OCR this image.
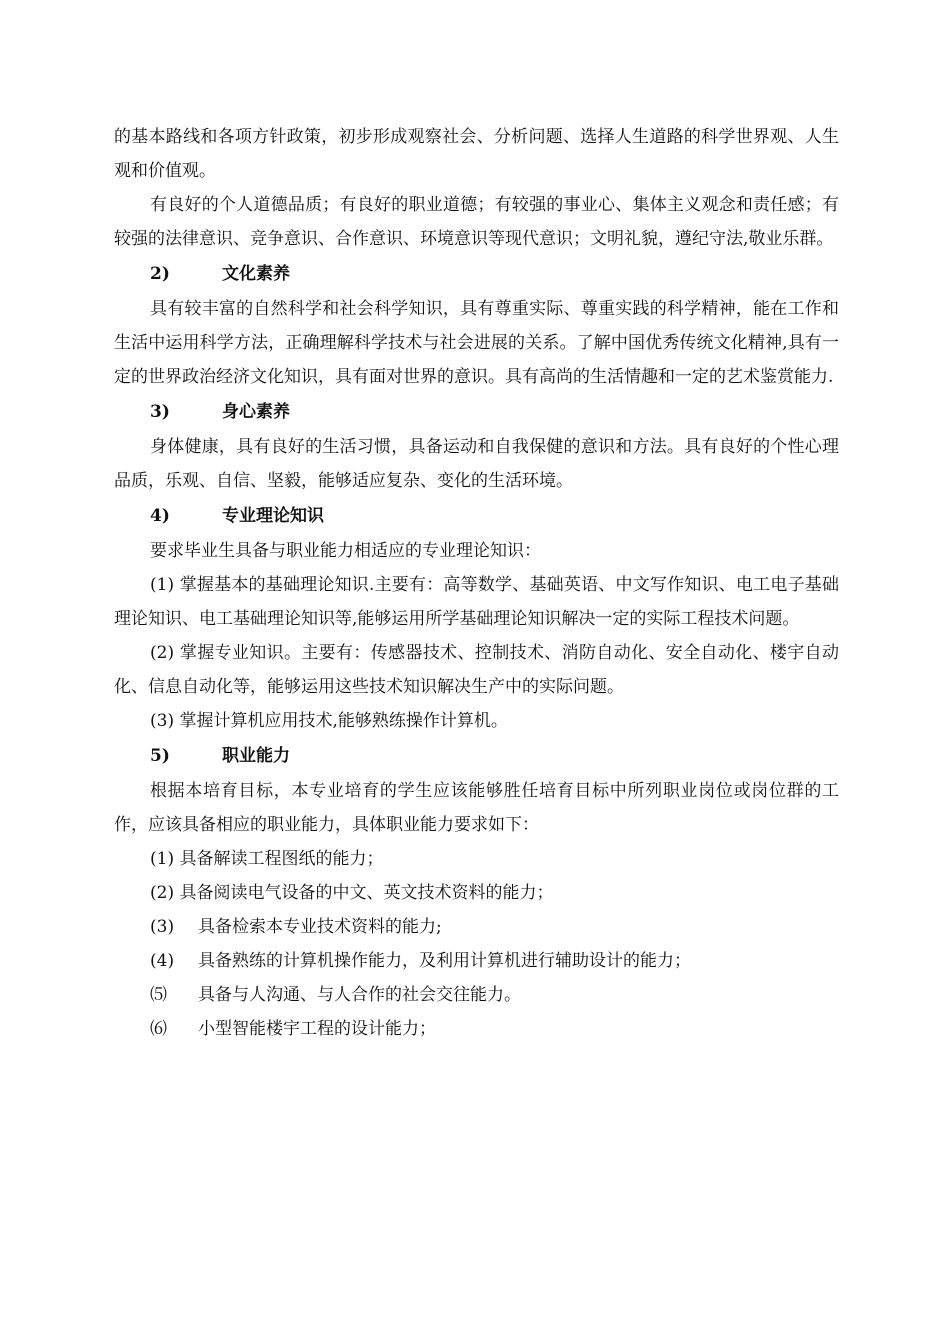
的基本路线和各项方针政策，初步形成观察社会、分析问题、选择人生道路的科学世界观、人生观和价值观。

有良好的个人道德品质；有良好的职业道德；有较强的事业心、集体主义观念和责任感；有较强的法律意识、竞争意识、合作意识、环境意识等现代意识；文明礼貌，遵纪守法,敬业乐群。

2)	文化素养

具有较丰富的自然科学和社会科学知识，具有尊重实际、尊重实践的科学精神，能在工作和生活中运用科学方法，正确理解科学技术与社会进展的关系。了解中国优秀传统文化精神,具有一定的世界政治经济文化知识，具有面对世界的意识。具有高尚的生活情趣和一定的艺术鉴赏能力.

3)	身心素养

身体健康，具有良好的生活习惯，具备运动和自我保健的意识和方法。具有良好的个性心理品质，乐观、自信、坚毅，能够适应复杂、变化的生活环境。

4)	专业理论知识

要求毕业生具备与职业能力相适应的专业理论知识：

(1) 掌握基本的基础理论知识.主要有：高等数学、基础英语、中文写作知识、电工电子基础理论知识、电工基础理论知识等,能够运用所学基础理论知识解决一定的实际工程技术问题。

(2) 掌握专业知识。主要有：传感器技术、控制技术、消防自动化、安全自动化、楼宇自动化、信息自动化等，能够运用这些技术知识解决生产中的实际问题。

(3) 掌握计算机应用技术,能够熟练操作计算机。

5)	职业能力

根据本培育目标，本专业培育的学生应该能够胜任培育目标中所列职业岗位或岗位群的工作，应该具备相应的职业能力，具体职业能力要求如下：

(1) 具备解读工程图纸的能力；

(2) 具备阅读电气设备的中文、英文技术资料的能力；

(3)	具备检索本专业技术资料的能力;
(4)	具备熟练的计算机操作能力，及利用计算机进行辅助设计的能力；
⑸	具备与人沟通、与人合作的社会交往能力。
⑹	小型智能楼宇工程的设计能力；
